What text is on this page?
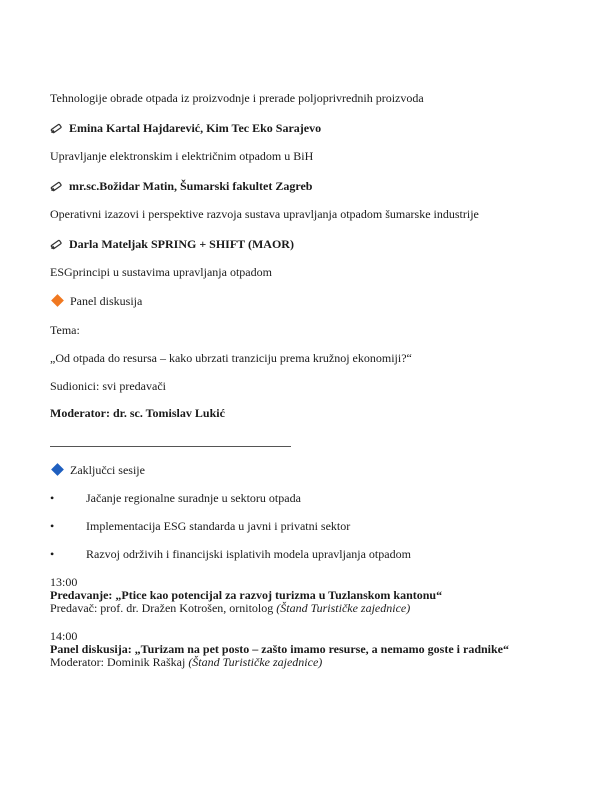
Tehnologije obrade otpada iz proizvodnje i prerade poljoprivrednih proizvoda
Emina Kartal Hajdarević, Kim Tec Eko Sarajevo
Upravljanje elektronskim i električnim otpadom u BiH
mr.sc.Božidar Matin, Šumarski fakultet Zagreb
Operativni izazovi i perspektive razvoja sustava upravljanja otpadom šumarske industrije
Darla Mateljak SPRING + SHIFT (MAOR)
ESGprincipi u sustavima upravljanja otpadom
Panel diskusija
Tema:
„Od otpada do resursa – kako ubrzati tranziciju prema kružnoj ekonomiji?“
Sudionici: svi predavači
Moderator: dr. sc. Tomislav Lukić
Zaključci sesije
•	Jačanje regionalne suradnje u sektoru otpada
•	Implementacija ESG standarda u javni i privatni sektor
•	Razvoj održivih i financijski isplativih modela upravljanja otpadom
13:00
Predavanje: „Ptice kao potencijal za razvoj turizma u Tuzlanskom kantonu“
Predavač: prof. dr. Dražen Kotrošen, ornitolog (Štand Turističke zajednice)
14:00
Panel diskusija: „Turizam na pet posto – zašto imamo resurse, a nemamo goste i radnike“
Moderator: Dominik Raškaj (Štand Turističke zajednice)
